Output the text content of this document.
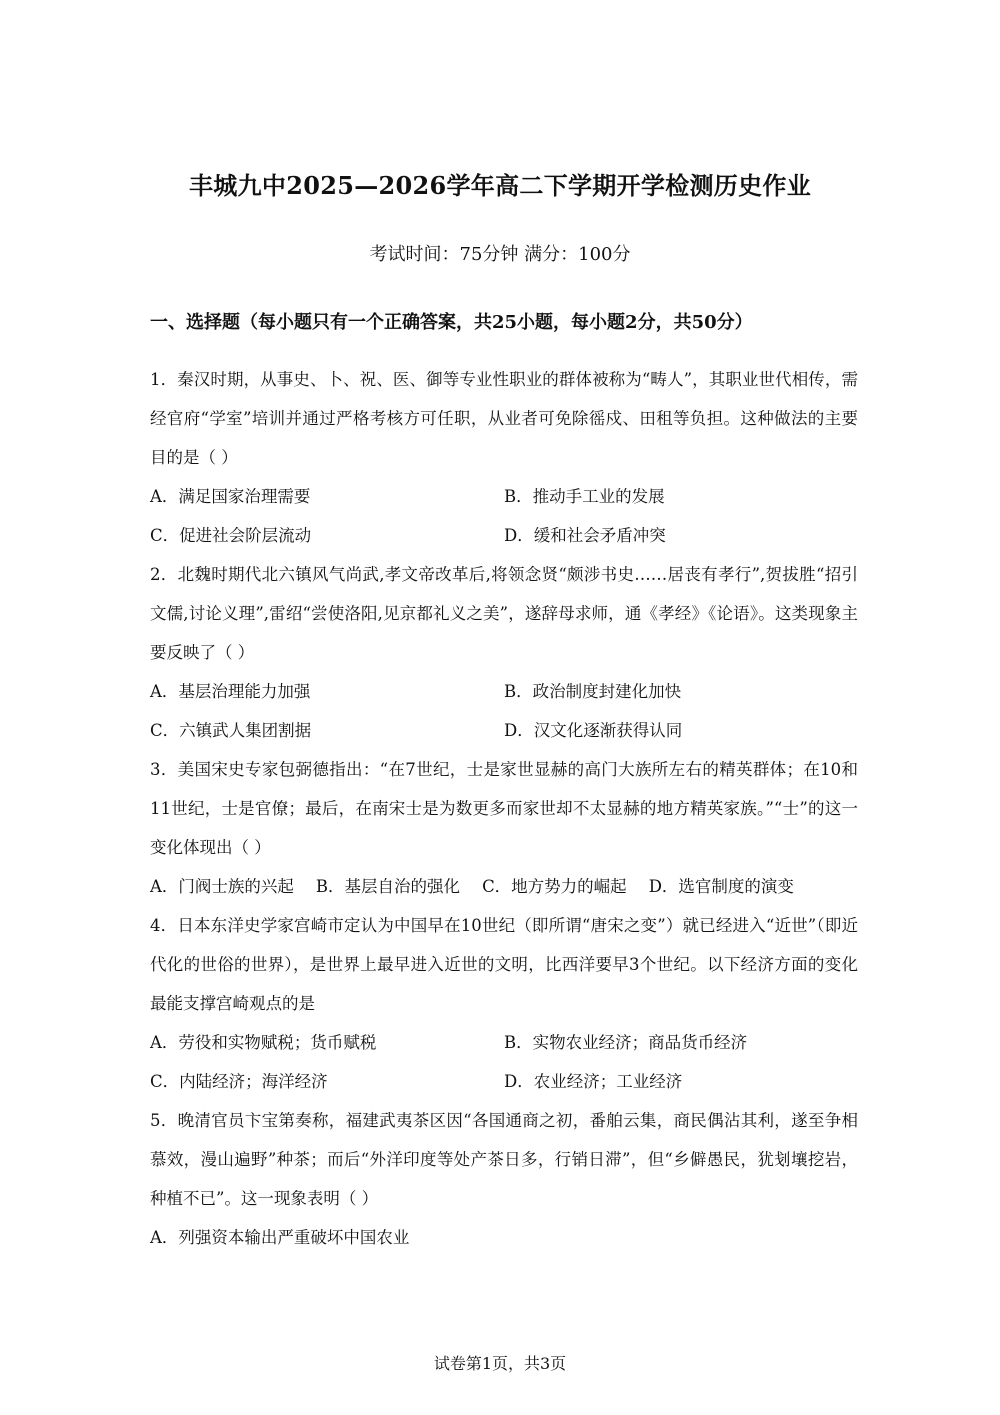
丰城九中2025—2026学年高二下学期开学检测历史作业
考试时间：75分钟 满分：100分
一、选择题（每小题只有一个正确答案，共25小题，每小题2分，共50分）
1．秦汉时期，从事史、卜、祝、医、御等专业性职业的群体被称为“畴人”，其职业世代相传，需经官府“学室”培训并通过严格考核方可任职，从业者可免除徭戍、田租等负担。这种做法的主要目的是（ ）
A．满足国家治理需要	B．推动手工业的发展
C．促进社会阶层流动	D．缓和社会矛盾冲突
2．北魏时期代北六镇风气尚武,孝文帝改革后,将领念贤“颇涉书史……居丧有孝行”,贺拔胜“招引文儒,讨论义理”,雷绍“尝使洛阳,见京都礼义之美”，遂辞母求师，通《孝经》《论语》。这类现象主要反映了（ ）
A．基层治理能力加强	B．政治制度封建化加快
C．六镇武人集团割据	D．汉文化逐渐获得认同
3．美国宋史专家包弼德指出：“在7世纪，士是家世显赫的高门大族所左右的精英群体；在10和11世纪，士是官僚；最后，在南宋士是为数更多而家世却不太显赫的地方精英家族。”“士”的这一变化体现出（ ）
A．门阀士族的兴起 B．基层自治的强化 C．地方势力的崛起 D．选官制度的演变
4．日本东洋史学家宫崎市定认为中国早在10世纪（即所谓“唐宋之变”）就已经进入“近世”（即近代化的世俗的世界），是世界上最早进入近世的文明，比西洋要早3个世纪。以下经济方面的变化最能支撑宫崎观点的是
A．劳役和实物赋税；货币赋税	B．实物农业经济；商品货币经济
C．内陆经济；海洋经济	D．农业经济；工业经济
5．晚清官员卞宝第奏称，福建武夷茶区因“各国通商之初，番舶云集，商民偶沾其利，遂至争相慕效，漫山遍野”种茶；而后“外洋印度等处产茶日多，行销日滞”，但“乡僻愚民，犹刬壤挖岩，种植不已”。这一现象表明（ ）
A．列强资本输出严重破坏中国农业
试卷第1页，共3页
